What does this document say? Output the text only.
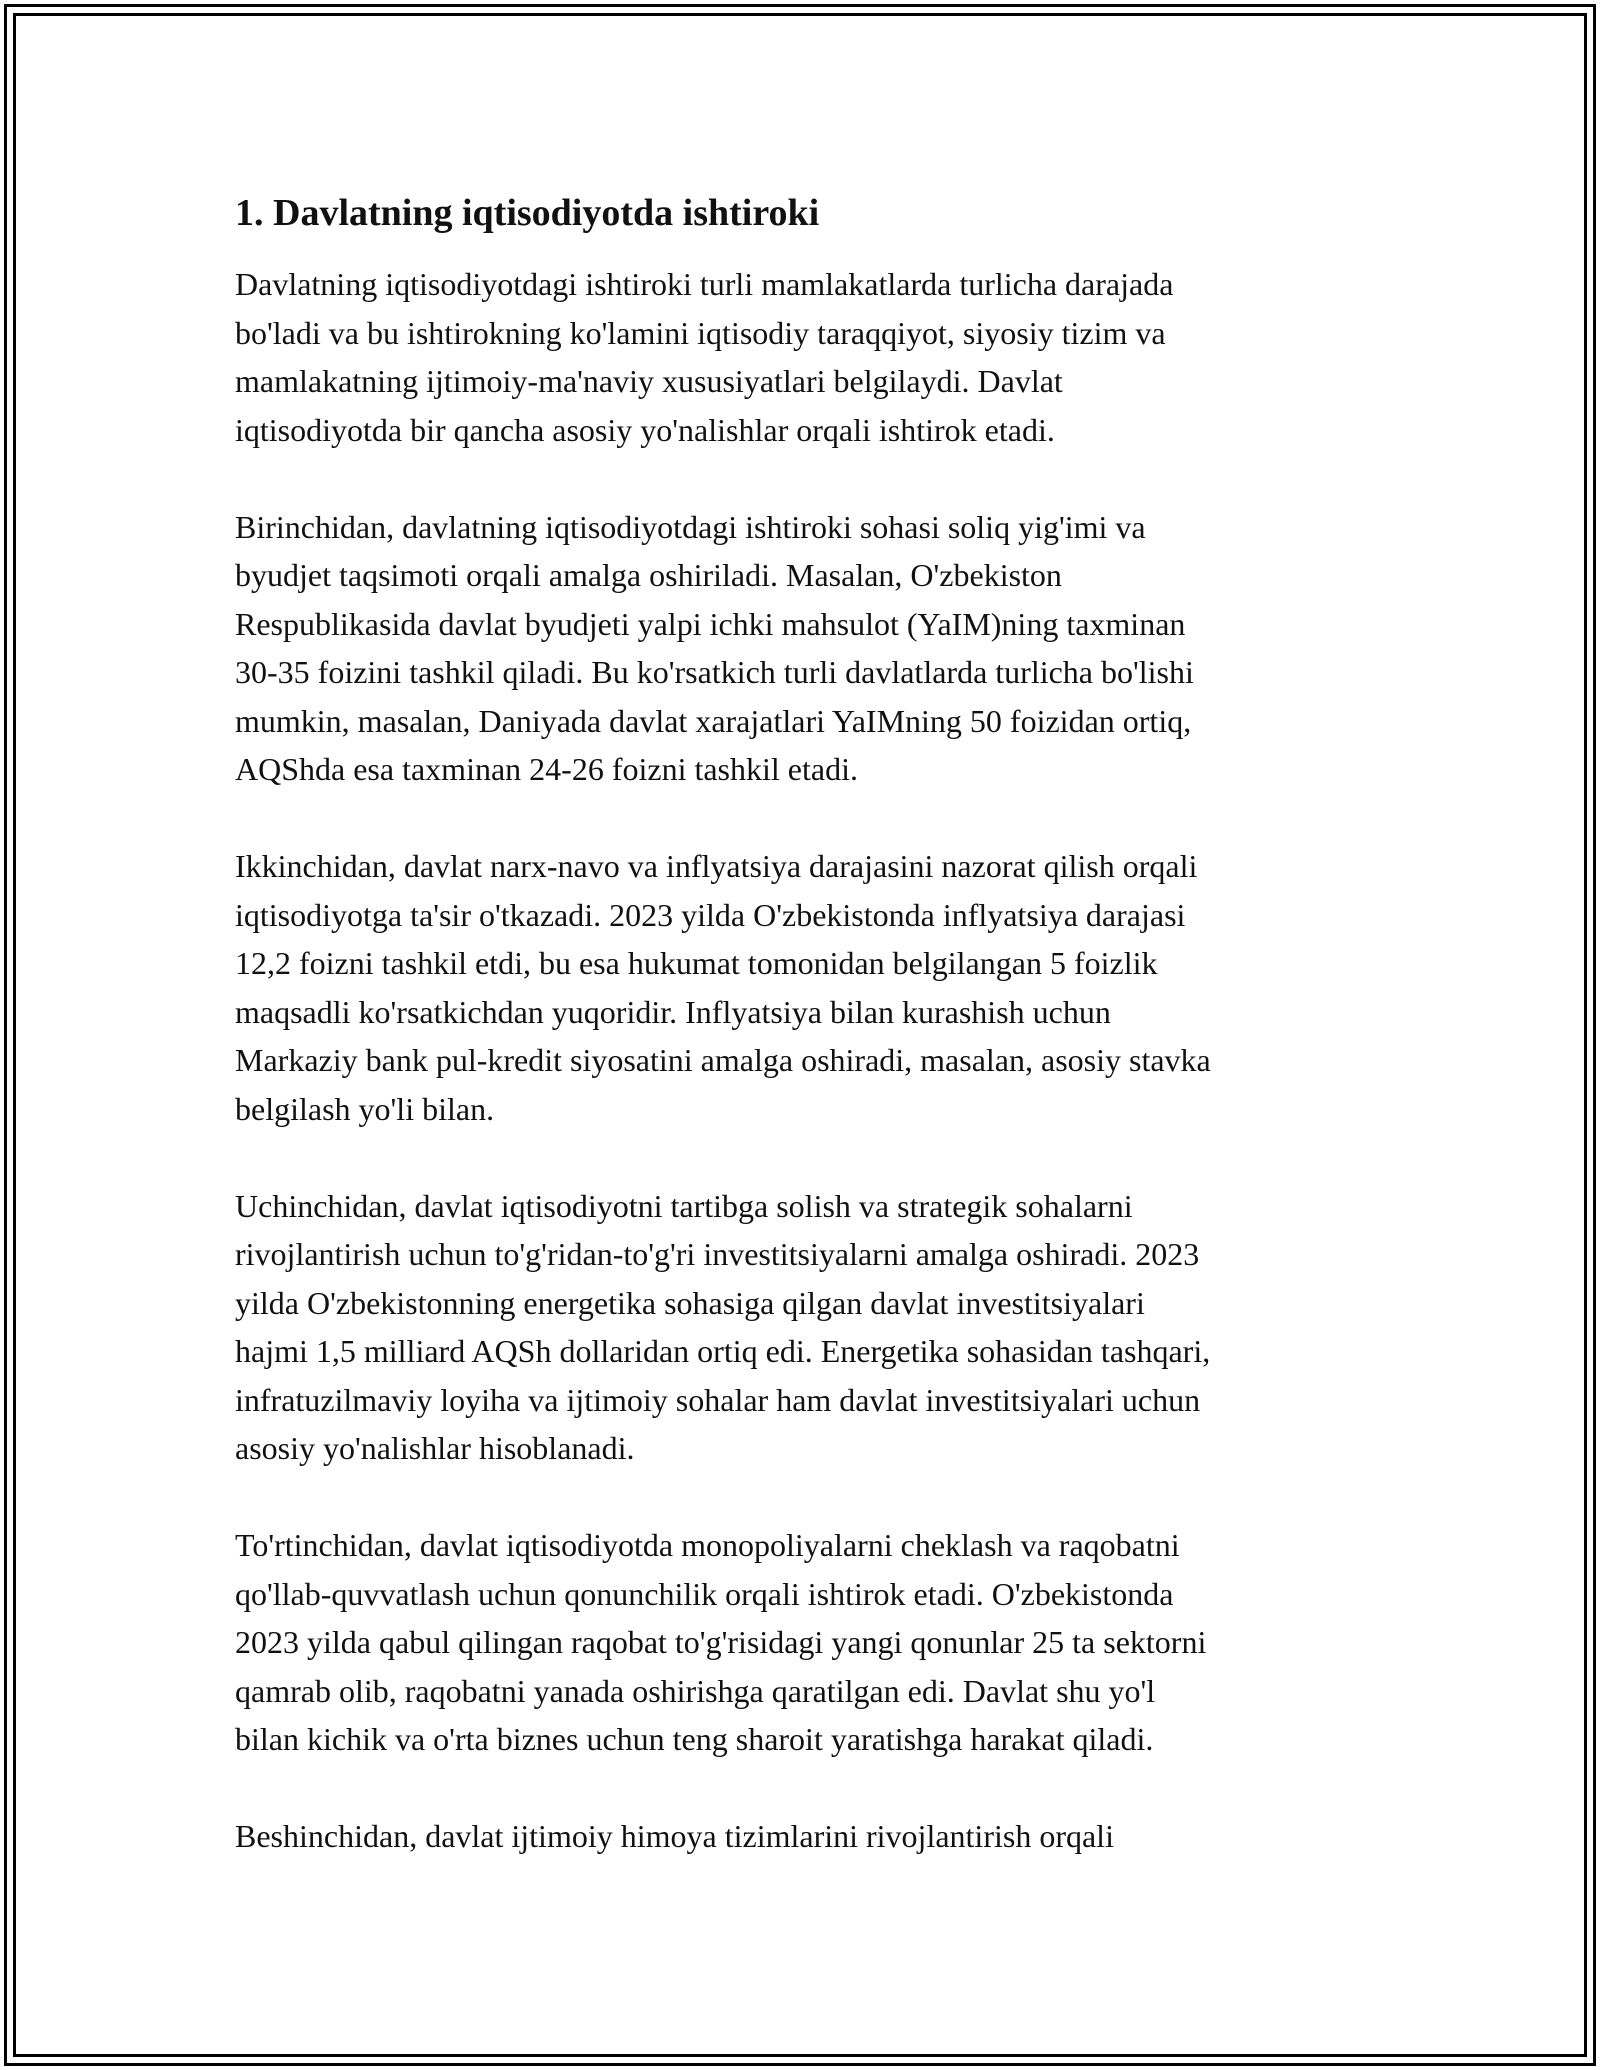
1. Davlatning iqtisodiyotda ishtiroki
Davlatning iqtisodiyotdagi ishtiroki turli mamlakatlarda turlicha darajada
bo'ladi va bu ishtirokning ko'lamini iqtisodiy taraqqiyot, siyosiy tizim va
mamlakatning ijtimoiy-ma'naviy xususiyatlari belgilaydi. Davlat
iqtisodiyotda bir qancha asosiy yo'nalishlar orqali ishtirok etadi.
Birinchidan, davlatning iqtisodiyotdagi ishtiroki sohasi soliq yig'imi va
byudjet taqsimoti orqali amalga oshiriladi. Masalan, O'zbekiston
Respublikasida davlat byudjeti yalpi ichki mahsulot (YaIM)ning taxminan
30-35 foizini tashkil qiladi. Bu ko'rsatkich turli davlatlarda turlicha bo'lishi
mumkin, masalan, Daniyada davlat xarajatlari YaIMning 50 foizidan ortiq,
AQShda esa taxminan 24-26 foizni tashkil etadi.
Ikkinchidan, davlat narx-navo va inflyatsiya darajasini nazorat qilish orqali
iqtisodiyotga ta'sir o'tkazadi. 2023 yilda O'zbekistonda inflyatsiya darajasi
12,2 foizni tashkil etdi, bu esa hukumat tomonidan belgilangan 5 foizlik
maqsadli ko'rsatkichdan yuqoridir. Inflyatsiya bilan kurashish uchun
Markaziy bank pul-kredit siyosatini amalga oshiradi, masalan, asosiy stavka
belgilash yo'li bilan.
Uchinchidan, davlat iqtisodiyotni tartibga solish va strategik sohalarni
rivojlantirish uchun to'g'ridan-to'g'ri investitsiyalarni amalga oshiradi. 2023
yilda O'zbekistonning energetika sohasiga qilgan davlat investitsiyalari
hajmi 1,5 milliard AQSh dollaridan ortiq edi. Energetika sohasidan tashqari,
infratuzilmaviy loyiha va ijtimoiy sohalar ham davlat investitsiyalari uchun
asosiy yo'nalishlar hisoblanadi.
To'rtinchidan, davlat iqtisodiyotda monopoliyalarni cheklash va raqobatni
qo'llab-quvvatlash uchun qonunchilik orqali ishtirok etadi. O'zbekistonda
2023 yilda qabul qilingan raqobat to'g'risidagi yangi qonunlar 25 ta sektorni
qamrab olib, raqobatni yanada oshirishga qaratilgan edi. Davlat shu yo'l
bilan kichik va o'rta biznes uchun teng sharoit yaratishga harakat qiladi.
Beshinchidan, davlat ijtimoiy himoya tizimlarini rivojlantirish orqali
